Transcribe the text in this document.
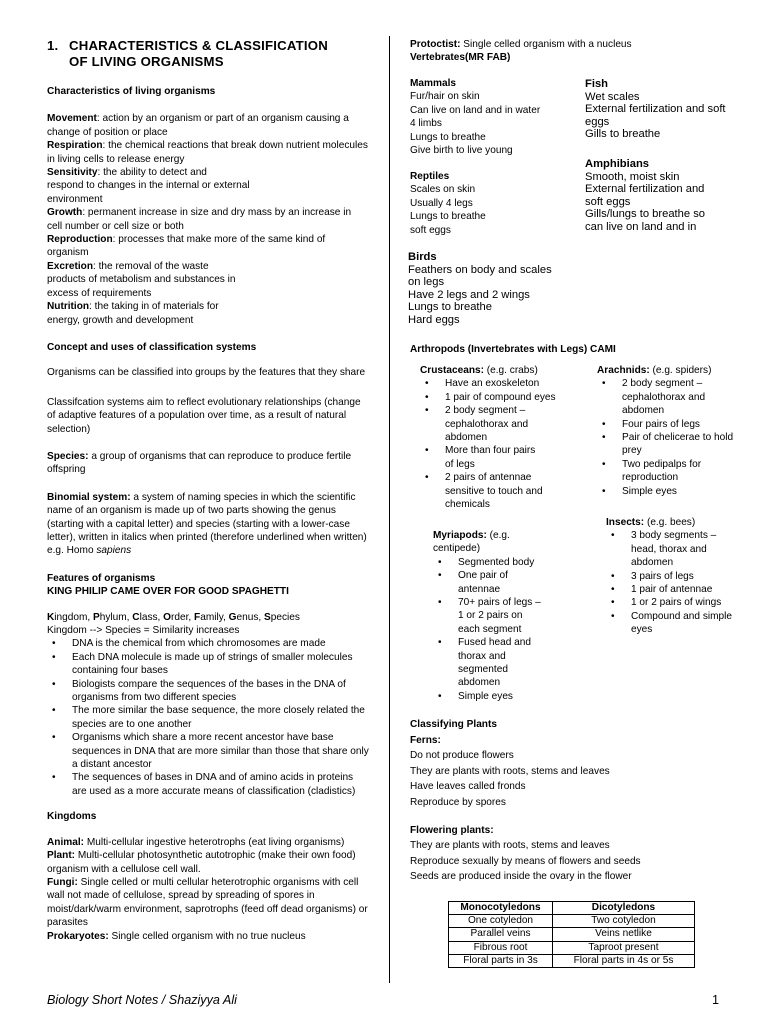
1. CHARACTERISTICS & CLASSIFICATION
OF LIVING ORGANISMS

Characteristics of living organisms

Movement: action by an organism or part of an organism causing a change of position or place

Respiration: the chemical reactions that break down nutrient molecules in living cells to release energy

Sensitivity: the ability to detect and

respond to changes in the internal or external

environment

Growth: permanent increase in size and dry mass by an increase in cell number or cell size or both

Reproduction: processes that make more of the same kind of organism

Excretion: the removal of the waste

products of metabolism and substances in

excess of requirements

Nutrition: the taking in of materials for

energy, growth and development

Concept and uses of classification systems

Organisms can be classified into groups by the features that they share

Classifcation systems aim to reflect evolutionary relationships (change of adaptive features of a population over time, as a result of natural selection)

Species: a group of organisms that can reproduce to produce fertile offspring

Binomial system: a system of naming species in which the scientific name of an organism is made up of two parts showing the genus (starting with a capital letter) and species (starting with a lower-case letter), written in italics when printed (therefore underlined when written) e.g. Homo sapiens

Features of organisms

KING PHILIP CAME OVER FOR GOOD SPAGHETTI

Kingdom, Phylum, Class, Order, Family, Genus, Species

Kingdom --> Species = Similarity increases

• DNA is the chemical from which chromosomes are made
• Each DNA molecule is made up of strings of smaller molecules containing four bases
• Biologists compare the sequences of the bases in the DNA of organisms from two different species
• The more similar the base sequence, the more closely related the species are to one another
• Organisms which share a more recent ancestor have base sequences in DNA that are more similar than those that share only a distant ancestor
• The sequences of bases in DNA and of amino acids in proteins are used as a more accurate means of classification (cladistics)

Kingdoms

Animal: Multi-cellular ingestive heterotrophs (eat living organisms)

Plant: Multi-cellular photosynthetic autotrophic (make their own food) organism with a cellulose cell wall.

Fungi: Single celled or multi cellular heterotrophic organisms with cell wall not made of cellulose, spread by spreading of spores in moist/dark/warm environment, saprotrophs (feed off dead organisms) or parasites

Prokaryotes: Single celled organism with no true nucleus

Protoctist: Single celled organism with a nucleus

Vertebrates(MR FAB)

Mammals

Fur/hair on skin

Can live on land and in water

4 limbs

Lungs to breathe

Give birth to live young

Reptiles

Scales on skin

Usually 4 legs

Lungs to breathe

soft eggs

Fish

Wet scales

External fertilization and soft

eggs

Gills to breathe

Amphibians

Smooth, moist skin

External fertilization and

soft eggs

Gills/lungs to breathe so

can live on land and in

Birds

Feathers on body and scales

on legs

Have 2 legs and 2 wings

Lungs to breathe

Hard eggs

Arthropods (Invertebrates with Legs) CAMI

Crustaceans: (e.g. crabs)

• Have an exoskeleton
• 1 pair of compound eyes
• 2 body segment – cephalothorax and abdomen
• More than four pairs of legs
• 2 pairs of antennae sensitive to touch and chemicals

Arachnids: (e.g. spiders)

• 2 body segment – cephalothorax and abdomen
• Four pairs of legs
• Pair of chelicerae to hold prey
• Two pedipalps for reproduction
• Simple eyes

Myriapods: (e.g. centipede)

• Segmented body
• One pair of antennae
• 70+ pairs of legs – 1 or 2 pairs on each segment
• Fused head and thorax and segmented abdomen
• Simple eyes

Insects: (e.g. bees)

• 3 body segments – head, thorax and abdomen
• 3 pairs of legs
• 1 pair of antennae
• 1 or 2 pairs of wings
• Compound and simple eyes

Classifying Plants

Ferns:

Do not produce flowers

They are plants with roots, stems and leaves

Have leaves called fronds

Reproduce by spores

Flowering plants:

They are plants with roots, stems and leaves

Reproduce sexually by means of flowers and seeds

Seeds are produced inside the ovary in the flower

Monocotyledons	Dicotyledons
One cotyledon	Two cotyledon
Parallel veins	Veins netlike
Fibrous root	Taproot present
Floral parts in 3s	Floral parts in 4s or 5s
Biology Short Notes / Shaziyya Ali	1
